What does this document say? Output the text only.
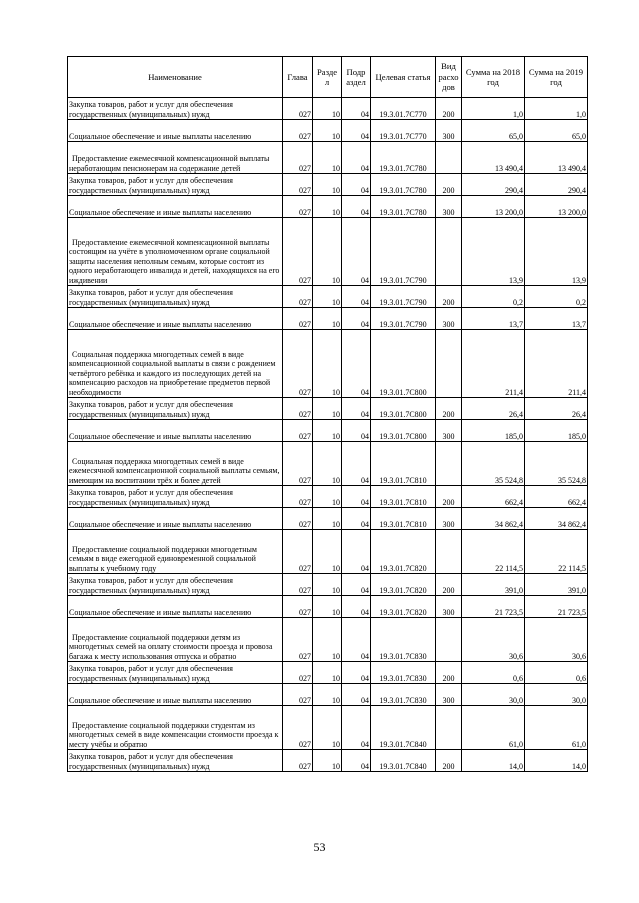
Наименование	Глава	Разде л	Подр аздел	Целевая статья	Вид расхо дов	Сумма на 2018 год	Сумма на 2019 год
Закупка товаров, работ и услуг для обеспечения государственных (муниципальных) нужд	027	10	04	19.3.01.7С770	200	1,0	1,0
Социальное обеспечение и иные выплаты населению	027	10	04	19.3.01.7С770	300	65,0	65,0
Предоставление ежемесячной компенсационной выплаты неработающим пенсионерам на содержание детей	027	10	04	19.3.01.7С780		13 490,4	13 490,4
Закупка товаров, работ и услуг для обеспечения государственных (муниципальных) нужд	027	10	04	19.3.01.7С780	200	290,4	290,4
Социальное обеспечение и иные выплаты населению	027	10	04	19.3.01.7С780	300	13 200,0	13 200,0
Предоставление ежемесячной компенсационной выплаты состоящим на учёте в уполномоченном органе социальной защиты населения неполным семьям, которые состоят из одного неработающего инвалида и детей, находящихся на его иждивении	027	10	04	19.3.01.7С790		13,9	13,9
Закупка товаров, работ и услуг для обеспечения государственных (муниципальных) нужд	027	10	04	19.3.01.7С790	200	0,2	0,2
Социальное обеспечение и иные выплаты населению	027	10	04	19.3.01.7С790	300	13,7	13,7
Социальная поддержка многодетных семей в виде компенсационной социальной выплаты в связи с рождением четвёртого ребёнка и каждого из последующих детей на компенсацию расходов на приобретение предметов первой необходимости	027	10	04	19.3.01.7С800		211,4	211,4
Закупка товаров, работ и услуг для обеспечения государственных (муниципальных) нужд	027	10	04	19.3.01.7С800	200	26,4	26,4
Социальное обеспечение и иные выплаты населению	027	10	04	19.3.01.7С800	300	185,0	185,0
Социальная поддержка многодетных семей в виде ежемесячной компенсационной социальной выплаты семьям, имеющим на воспитании трёх и более детей	027	10	04	19.3.01.7С810		35 524,8	35 524,8
Закупка товаров, работ и услуг для обеспечения государственных (муниципальных) нужд	027	10	04	19.3.01.7С810	200	662,4	662,4
Социальное обеспечение и иные выплаты населению	027	10	04	19.3.01.7С810	300	34 862,4	34 862,4
Предоставление социальной поддержки многодетным семьям в виде ежегодной единовременной социальной выплаты к учебному году	027	10	04	19.3.01.7С820		22 114,5	22 114,5
Закупка товаров, работ и услуг для обеспечения государственных (муниципальных) нужд	027	10	04	19.3.01.7С820	200	391,0	391,0
Социальное обеспечение и иные выплаты населению	027	10	04	19.3.01.7С820	300	21 723,5	21 723,5
Предоставление социальной поддержки детям из многодетных семей на оплату стоимости проезда и провоза багажа к месту использования отпуска и обратно	027	10	04	19.3.01.7С830		30,6	30,6
Закупка товаров, работ и услуг для обеспечения государственных (муниципальных) нужд	027	10	04	19.3.01.7С830	200	0,6	0,6
Социальное обеспечение и иные выплаты населению	027	10	04	19.3.01.7С830	300	30,0	30,0
Предоставление социальной поддержки студентам из многодетных семей в виде компенсации стоимости проезда к месту учёбы и обратно	027	10	04	19.3.01.7С840		61,0	61,0
Закупка товаров, работ и услуг для обеспечения государственных (муниципальных) нужд	027	10	04	19.3.01.7С840	200	14,0	14,0
53
